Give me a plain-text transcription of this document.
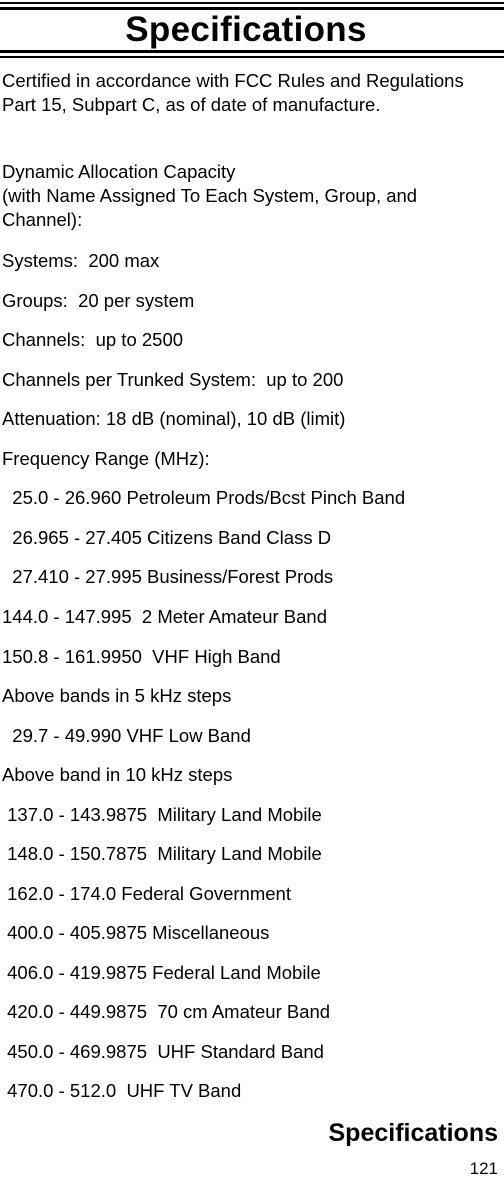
Specifications

Certified in accordance with FCC Rules and Regulations Part 15, Subpart C, as of date of manufacture.

Dynamic Allocation Capacity
(with Name Assigned To Each System, Group, and Channel):

Systems:  200 max
Groups:  20 per system
Channels:  up to 2500
Channels per Trunked System:  up to 200
Attenuation: 18 dB (nominal), 10 dB (limit)
Frequency Range (MHz):
25.0 - 26.960 Petroleum Prods/Bcst Pinch Band
26.965 - 27.405 Citizens Band Class D
27.410 - 27.995 Business/Forest Prods
144.0 - 147.995  2 Meter Amateur Band
150.8 - 161.9950  VHF High Band
Above bands in 5 kHz steps
29.7 - 49.990 VHF Low Band
Above band in 10 kHz steps
137.0 - 143.9875  Military Land Mobile
148.0 - 150.7875  Military Land Mobile
162.0 - 174.0 Federal Government
400.0 - 405.9875 Miscellaneous
406.0 - 419.9875 Federal Land Mobile
420.0 - 449.9875  70 cm Amateur Band
450.0 - 469.9875  UHF Standard Band
470.0 - 512.0  UHF TV Band
Specifications
121
